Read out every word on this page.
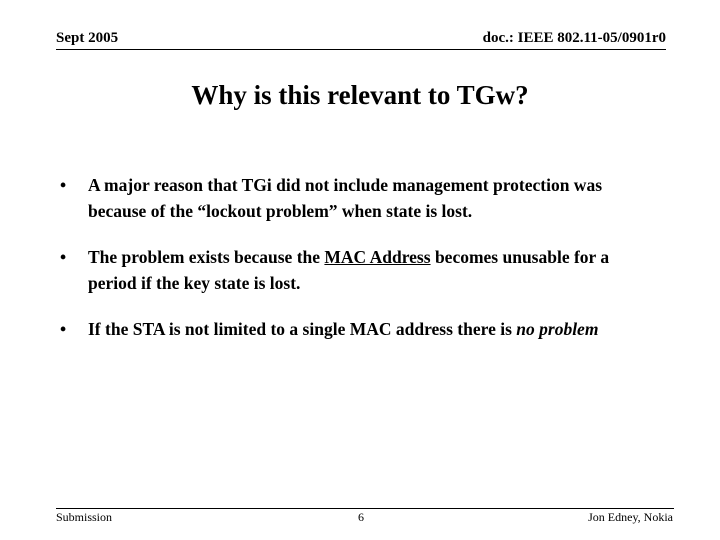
Sept 2005	doc.: IEEE 802.11-05/0901r0
Why is this relevant to TGw?
• A major reason that TGi did not include management protection was because of the “lockout problem” when state is lost.
• The problem exists because the MAC Address becomes unusable for a period if the key state is lost.
• If the STA is not limited to a single MAC address there is no problem
Submission	6	Jon Edney, Nokia
